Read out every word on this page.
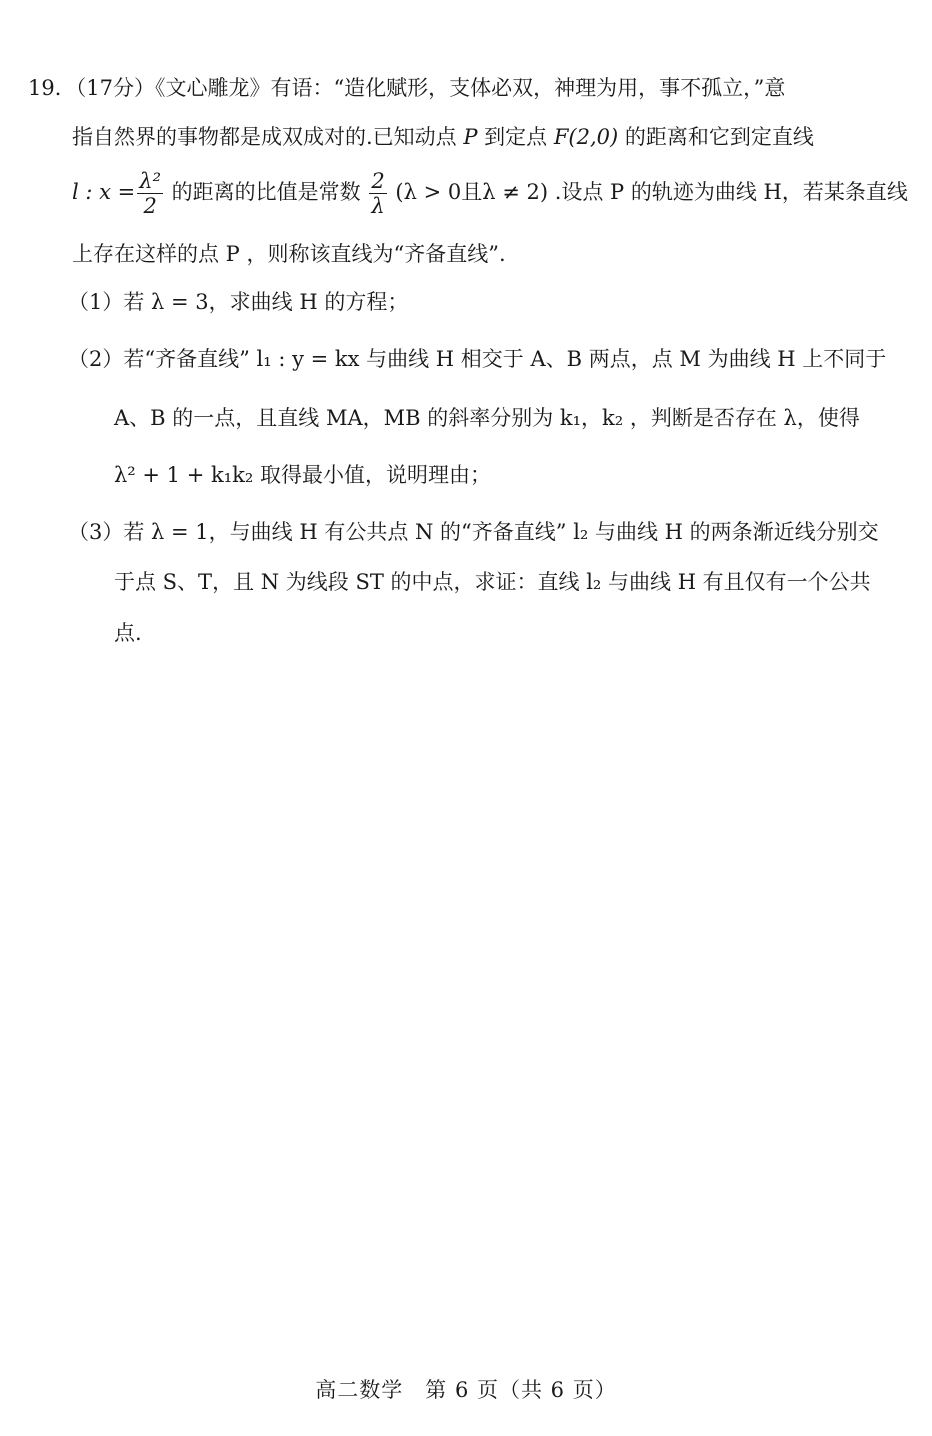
19．（17分）《文心雕龙》有语：“造化赋形，支体必双，神理为用，事不孤立，”意
指自然界的事物都是成双成对的.已知动点 P 到定点 F(2,0) 的距离和它到定直线
l : $x = \frac{\text{λ²}}{2}$ 的距离的比值是常数 $\frac{2}{\lambda} (\lambda > 0$且λ ≠ 2) .设点 P 的轨迹为曲线 H，若某条直线
上存在这样的点 P ，则称该直线为“齐备直线”.
（1）若 λ = 3，求曲线 H 的方程；
（2）若“齐备直线” l₁ : y = kx 与曲线 H 相交于 A、B 两点，点 M 为曲线 H 上不同于
A、B 的一点，且直线 MA，MB 的斜率分别为 k₁，k₂ ，判断是否存在 λ，使得
λ² + 1 + k₁k₂ 取得最小值，说明理由；
（3）若 λ = 1，与曲线 H 有公共点 N 的“齐备直线” l₂ 与曲线 H 的两条渐近线分别交
于点 S、T，且 N 为线段 ST 的中点，求证：直线 l₂ 与曲线 H 有且仅有一个公共
点.
高二数学　第 6 页（共 6 页）
